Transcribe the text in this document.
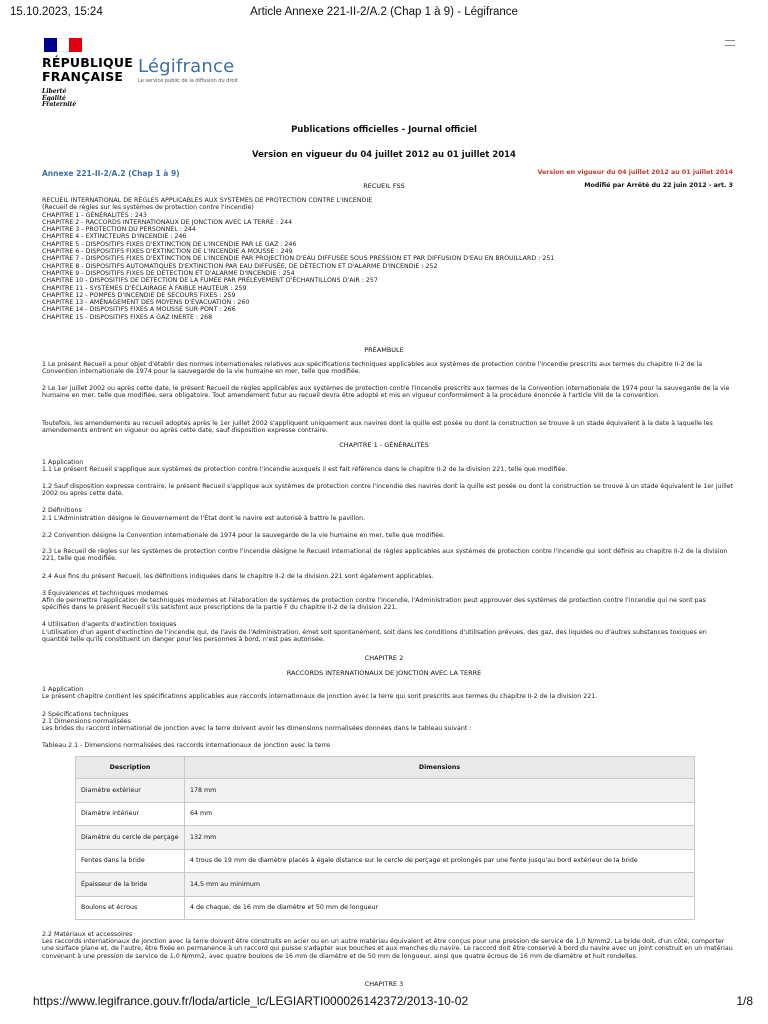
15.10.2023, 15:24	Article Annexe 221-II-2/A.2 (Chap 1 à 9) - Légifrance
RÉPUBLIQUE
FRANÇAISE
Liberté
Égalité
Fraternité
Légifrance
Le service public de la diffusion du droit
Publications officielles - Journal officiel
Version en vigueur du 04 juillet 2012 au 01 juillet 2014
Annexe 221-II-2/A.2 (Chap 1 à 9)	Version en vigueur du 04 juillet 2012 au 01 juillet 2014
RECUEIL FSS	Modifié par Arrêté du 22 juin 2012 - art. 3

RECUEIL INTERNATIONAL DE RÈGLES APPLICABLES AUX SYSTÈMES DE PROTECTION CONTRE L'INCENDIE

(Recueil de règles sur les systèmes de protection contre l'incendie)

CHAPITRE 1 - GÉNÉRALITÉS : 243

CHAPITRE 2 - RACCORDS INTERNATIONAUX DE JONCTION AVEC LA TERRE : 244

CHAPITRE 3 - PROTECTION DU PERSONNEL : 244

CHAPITRE 4 - EXTINCTEURS D'INCENDIE : 246

CHAPITRE 5 - DISPOSITIFS FIXES D'EXTINCTION DE L'INCENDIE PAR LE GAZ : 246

CHAPITRE 6 - DISPOSITIFS FIXES D'EXTINCTION DE L'INCENDIE A MOUSSE : 249

CHAPITRE 7 - DISPOSITIFS FIXES D'EXTINCTION DE L'INCENDIE PAR PROJECTION D'EAU DIFFUSÉE SOUS PRESSION ET PAR DIFFUSION D'EAU EN BROUILLARD : 251

CHAPITRE 8 - DISPOSITIFS AUTOMATIQUES D'EXTINCTION PAR EAU DIFFUSÉE, DE DÉTECTION ET D'ALARME D'INCENDIE : 252

CHAPITRE 9 - DISPOSITIFS FIXES DE DÉTECTION ET D'ALARME D'INCENDIE : 254

CHAPITRE 10 - DISPOSITIFS DE DÉTECTION DE LA FUMÉE PAR PRÉLÈVEMENT D'ÉCHANTILLONS D'AIR : 257

CHAPITRE 11 - SYSTÈMES D'ÉCLAIRAGE À FAIBLE HAUTEUR : 259

CHAPITRE 12 - POMPES D'INCENDIE DE SECOURS FIXES : 259

CHAPITRE 13 - AMÉNAGEMENT DES MOYENS D'ÉVACUATION : 260

CHAPITRE 14 - DISPOSITIFS FIXES A MOUSSE SUR PONT : 266

CHAPITRE 15 - DISPOSITIFS FIXES A GAZ INERTE : 268

PRÉAMBULE
1 Le présent Recueil a pour objet d'établir des normes internationales relatives aux spécifications techniques applicables aux systèmes de protection contre l'incendie prescrits aux termes du chapitre II-2 de la Convention internationale de 1974 pour la sauvegarde de la vie humaine en mer, telle que modifiée.
2 Le 1er juillet 2002 ou après cette date, le présent Recueil de règles applicables aux systèmes de protection contre l'incendie prescrits aux termes de la Convention internationale de 1974 pour la sauvegarde de la vie humaine en mer, telle que modifiée, sera obligatoire. Tout amendement futur au recueil devra être adopté et mis en vigueur conformément à la procédure énoncée à l'article VIII de la convention.
Toutefois, les amendements au recueil adoptés après le 1er juillet 2002 s'appliquent uniquement aux navires dont la quille est posée ou dont la construction se trouve à un stade équivalent à la date à laquelle les amendements entrent en vigueur ou après cette date, sauf disposition expresse contraire.
CHAPITRE 1 - GÉNÉRALITÉS
1 Application
1.1 Le présent Recueil s'applique aux systèmes de protection contre l'incendie auxquels il est fait référence dans le chapitre II-2 de la division 221, telle que modifiée.
1.2 Sauf disposition expresse contraire, le présent Recueil s'applique aux systèmes de protection contre l'incendie des navires dont la quille est posée ou dont la construction se trouve à un stade équivalent le 1er juillet 2002 ou après cette date.
2 Définitions
2.1 L'Administration désigne le Gouvernement de l'État dont le navire est autorisé à battre le pavillon.
2.2 Convention désigne la Convention internationale de 1974 pour la sauvegarde de la vie humaine en mer, telle que modifiée.
2.3 Le Recueil de règles sur les systèmes de protection contre l'incendie désigne le Recueil international de règles applicables aux systèmes de protection contre l'incendie qui sont définis au chapitre II-2 de la division 221, telle que modifiée.
2.4 Aux fins du présent Recueil, les définitions indiquées dans le chapitre II-2 de la division 221 sont également applicables.
3 Équivalences et techniques modernes
Afin de permettre l'application de techniques modernes et l'élaboration de systèmes de protection contre l'incendie, l'Administration peut approuver des systèmes de protection contre l'incendie qui ne sont pas spécifiés dans le présent Recueil s'ils satisfont aux prescriptions de la partie F du chapitre II-2 de la division 221.
4 Utilisation d'agents d'extinction toxiques
L'utilisation d'un agent d'extinction de l'incendie qui, de l'avis de l'Administration, émet soit spontanément, soit dans les conditions d'utilisation prévues, des gaz, des liquides ou d'autres substances toxiques en quantité telle qu'ils constituent un danger pour les personnes à bord, n'est pas autorisée.
CHAPITRE 2
RACCORDS INTERNATIONAUX DE JONCTION AVEC LA TERRE
1 Application
Le présent chapitre contient les spécifications applicables aux raccords internationaux de jonction avec la terre qui sont prescrits aux termes du chapitre II-2 de la division 221.
2 Spécifications techniques
2.1 Dimensions normalisées
Les brides du raccord international de jonction avec la terre doivent avoir les dimensions normalisées données dans le tableau suivant :
Tableau 2.1 - Dimensions normalisées des raccords internationaux de jonction avec la terre
Description	Dimensions
Diamètre extérieur	178 mm
Diamètre intérieur	64 mm
Diamètre du cercle de perçage	132 mm
Fentes dans la bride	4 trous de 19 mm de diamètre placés à égale distance sur le cercle de perçage et prolongés par une fente jusqu'au bord extérieur de la bride
Épaisseur de la bride	14,5 mm au minimum
Boulons et écrous	4 de chaque, de 16 mm de diamètre et 50 mm de longueur
2.2 Matériaux et accessoires
Les raccords internationaux de jonction avec la terre doivent être construits en acier ou en un autre matériau équivalent et être conçus pour une pression de service de 1,0 N/mm2. La bride doit, d'un côté, comporter une surface plane et, de l'autre, être fixée en permanence à un raccord qui puisse s'adapter aux bouches et aux manches du navire. Le raccord doit être conservé à bord du navire avec un joint construit en un matériau convenant à une pression de service de 1,0 N/mm2, avec quatre boulons de 16 mm de diamètre et de 50 mm de longueur, ainsi que quatre écrous de 16 mm de diamètre et huit rondelles.
CHAPITRE 3
https://www.legifrance.gouv.fr/loda/article_lc/LEGIARTI000026142372/2013-10-02	1/8
